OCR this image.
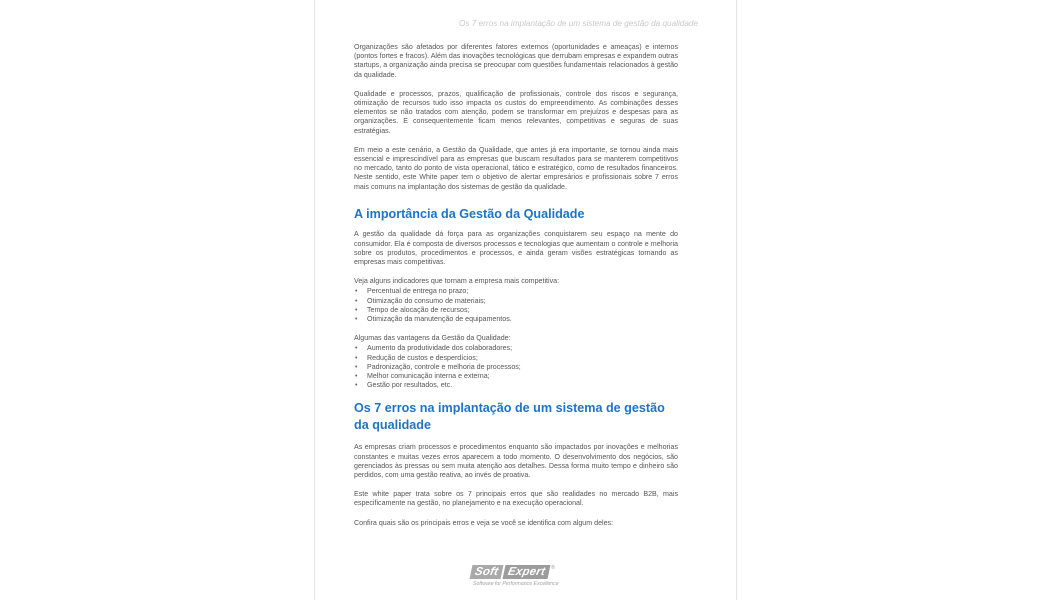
Os 7 erros na implantação de um sistema de gestão da qualidade

Organizações são afetados por diferentes fatores externos (oportunidades e ameaças) e internos (pontos fortes e fracos). Além das inovações tecnológicas que derrubam empresas e expandem outras startups, a organização ainda precisa se preocupar com questões fundamentais relacionados à gestão da qualidade.

Qualidade e processos, prazos, qualificação de profissionais, controle dos riscos e segurança, otimização de recursos tudo isso impacta os custos do empreendimento. As combinações desses elementos se não tratados com atenção, podem se transformar em prejuízos e despesas para as organizações. E consequentemente ficam menos relevantes, competitivas e seguras de suas estratégias.

Em meio a este cenário, a Gestão da Qualidade, que antes já era importante, se tornou ainda mais essencial e imprescindível para as empresas que buscam resultados para se manterem competitivos no mercado, tanto do ponto de vista operacional, tático e estratégico, como de resultados financeiros. Neste sentido, este White paper tem o objetivo de alertar empresários e profissionais sobre 7 erros mais comuns na implantação dos sistemas de gestão da qualidade.

A importância da Gestão da Qualidade

A gestão da qualidade dá força para as organizações conquistarem seu espaço na mente do consumidor. Ela é composta de diversos processos e tecnologias que aumentam o controle e melhoria sobre os produtos, procedimentos e processos, e ainda geram visões estratégicas tornando as empresas mais competitivas.

Veja alguns indicadores que tornam a empresa mais competitiva:
• Percentual de entrega no prazo;
• Otimização do consumo de materiais;
• Tempo de alocação de recursos;
• Otimização da manutenção de equipamentos.
Algumas das vantagens da Gestão da Qualidade:
• Aumento da produtividade dos colaboradores;
• Redução de custos e desperdícios;
• Padronização, controle e melhoria de processos;
• Melhor comunicação interna e externa;
• Gestão por resultados, etc.
Os 7 erros na implantação de um sistema de gestão da qualidade

As empresas criam processos e procedimentos enquanto são impactados por inovações e melhorias constantes e muitas vezes erros aparecem a todo momento. O desenvolvimento dos negócios, são gerenciados às pressas ou sem muita atenção aos detalhes. Dessa forma muito tempo e dinheiro são perdidos, com uma gestão reativa, ao invés de proativa.

Este white paper trata sobre os 7 principais erros que são realidades no mercado B2B, mais especificamente na gestão, no planejamento e na execução operacional.

Confira quais são os principais erros e veja se você se identifica com algum deles:

Soft Expert ®
Software for Performance Excellence
